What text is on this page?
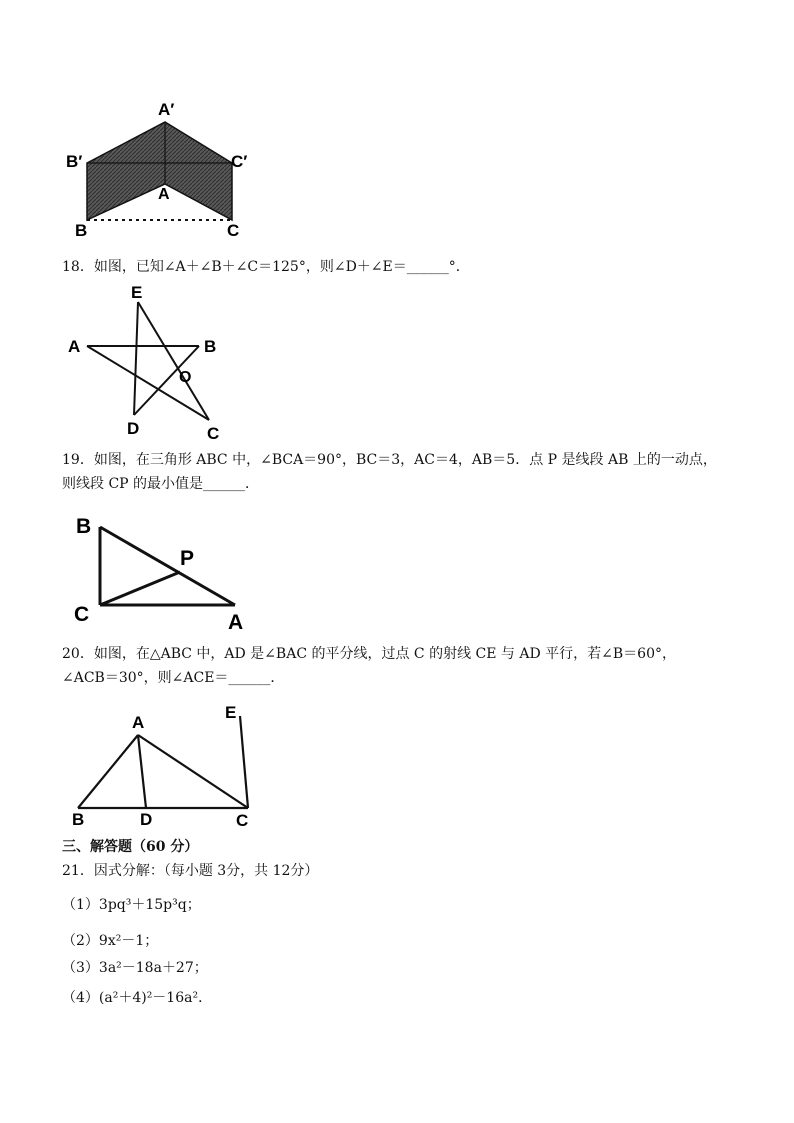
A′
B′	C′
A
B	C
18．如图，已知∠A＋∠B＋∠C＝125°，则∠D＋∠E＝______°．
E
A	B
O
D	C
19．如图，在三角形 ABC 中，∠BCA＝90°，BC＝3，AC＝4，AB＝5．点 P 是线段 AB 上的一动点，
则线段 CP 的最小值是______．
B
P
C	A
20．如图，在△ABC 中，AD 是∠BAC 的平分线，过点 C 的射线 CE 与 AD 平行，若∠B＝60°，
∠ACB＝30°，则∠ACE＝______．
A
E
B	D	C
三、解答题（60 分）
21．因式分解：（每小题 3分，共 12分）
（1）3pq³＋15p³q；
（2）9x²－1；
（3）3a²－18a＋27；
（4）(a²＋4)²－16a²．
